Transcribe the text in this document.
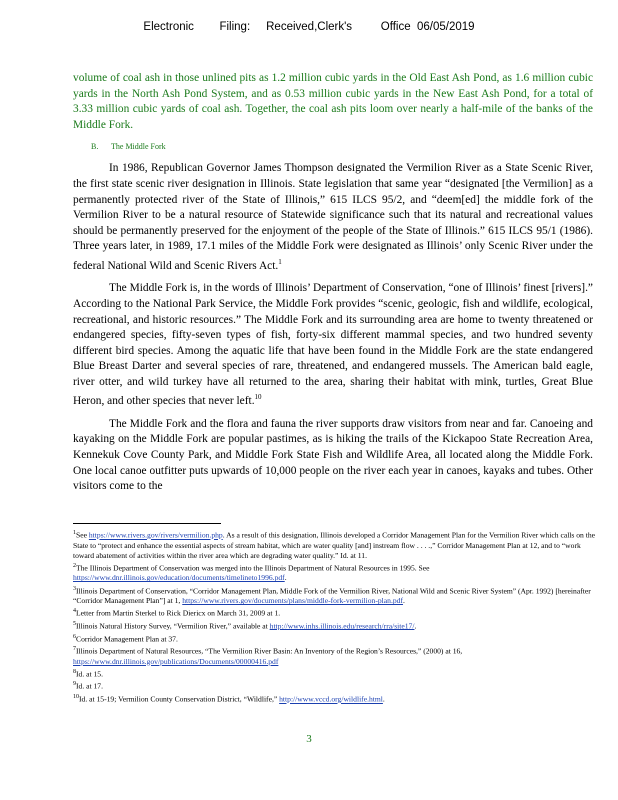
Electronic        Filing:     Received,Clerk's         Office  06/05/2019

volume of coal ash in those unlined pits as 1.2 million cubic yards in the Old East Ash Pond, as 1.6 million cubic yards in the North Ash Pond System, and as 0.53 million cubic yards in the New East Ash Pond, for a total of 3.33 million cubic yards of coal ash. Together, the coal ash pits loom over nearly a half-mile of the banks of the Middle Fork.

B. The Middle Fork

In 1986, Republican Governor James Thompson designated the Vermilion River as a State Scenic River, the first state scenic river designation in Illinois. State legislation that same year “designated [the Vermilion] as a permanently protected river of the State of Illinois,” 615 ILCS 95/2, and “deem[ed] the middle fork of the Vermilion River to be a natural resource of Statewide significance such that its natural and recreational values should be permanently preserved for the enjoyment of the people of the State of Illinois.” 615 ILCS 95/1 (1986). Three years later, in 1989, 17.1 miles of the Middle Fork were designated as Illinois’ only Scenic River under the federal National Wild and Scenic Rivers Act.$^1$

The Middle Fork is, in the words of Illinois’ Department of Conservation, “one of Illinois’ finest [rivers].” According to the National Park Service, the Middle Fork provides “scenic, geologic, fish and wildlife, ecological, recreational, and historic resources.” The Middle Fork and its surrounding area are home to twenty threatened or endangered species, fifty-seven types of fish, forty-six different mammal species, and two hundred seventy different bird species. Among the aquatic life that have been found in the Middle Fork are the state endangered Blue Breast Darter and several species of rare, threatened, and endangered mussels. The American bald eagle, river otter, and wild turkey have all returned to the area, sharing their habitat with mink, turtles, Great Blue Heron, and other species that never left.$^{10}$

The Middle Fork and the flora and fauna the river supports draw visitors from near and far. Canoeing and kayaking on the Middle Fork are popular pastimes, as is hiking the trails of the Kickapoo State Recreation Area, Kennekuk Cove County Park, and Middle Fork State Fish and Wildlife Area, all located along the Middle Fork. One local canoe outfitter puts upwards of 10,000 people on the river each year in canoes, kayaks and tubes. Other visitors come to the

$^1$See https://www.rivers.gov/rivers/vermilion.php. As a result of this designation, Illinois developed a Corridor Management Plan for the Vermilion River which calls on the State to “protect and enhance the essential aspects of stream habitat, which are water quality [and] instream flow . . . .,” Corridor Management Plan at 12, and to “work toward abatement of activities within the river area which are degrading water quality.” Id. at 11.

$^2$The Illinois Department of Conservation was merged into the Illinois Department of Natural Resources in 1995. See https://www.dnr.illinois.gov/education/documents/timelineto1996.pdf.

$^3$Illinois Department of Conservation, “Corridor Management Plan, Middle Fork of the Vermilion River, National Wild and Scenic River System” (Apr. 1992) [hereinafter “Corridor Management Plan”] at 1, https://www.rivers.gov/documents/plans/middle-fork-vermilion-plan.pdf.

$^4$Letter from Martin Sterkel to Rick Diericx on March 31, 2009 at 1.

$^5$Illinois Natural History Survey, “Vermilion River,” available at http://www.inhs.illinois.edu/research/rra/site17/.

$^6$Corridor Management Plan at 37.

$^7$Illinois Department of Natural Resources, “The Vermilion River Basin: An Inventory of the Region’s Resources,” (2000) at 16, https://www.dnr.illinois.gov/publications/Documents/00000416.pdf

$^8$Id. at 15.

$^9$Id. at 17.

$^{10}$Id. at 15-19; Vermilion County Conservation District, “Wildlife,” http://www.vccd.org/wildlife.html.

3
